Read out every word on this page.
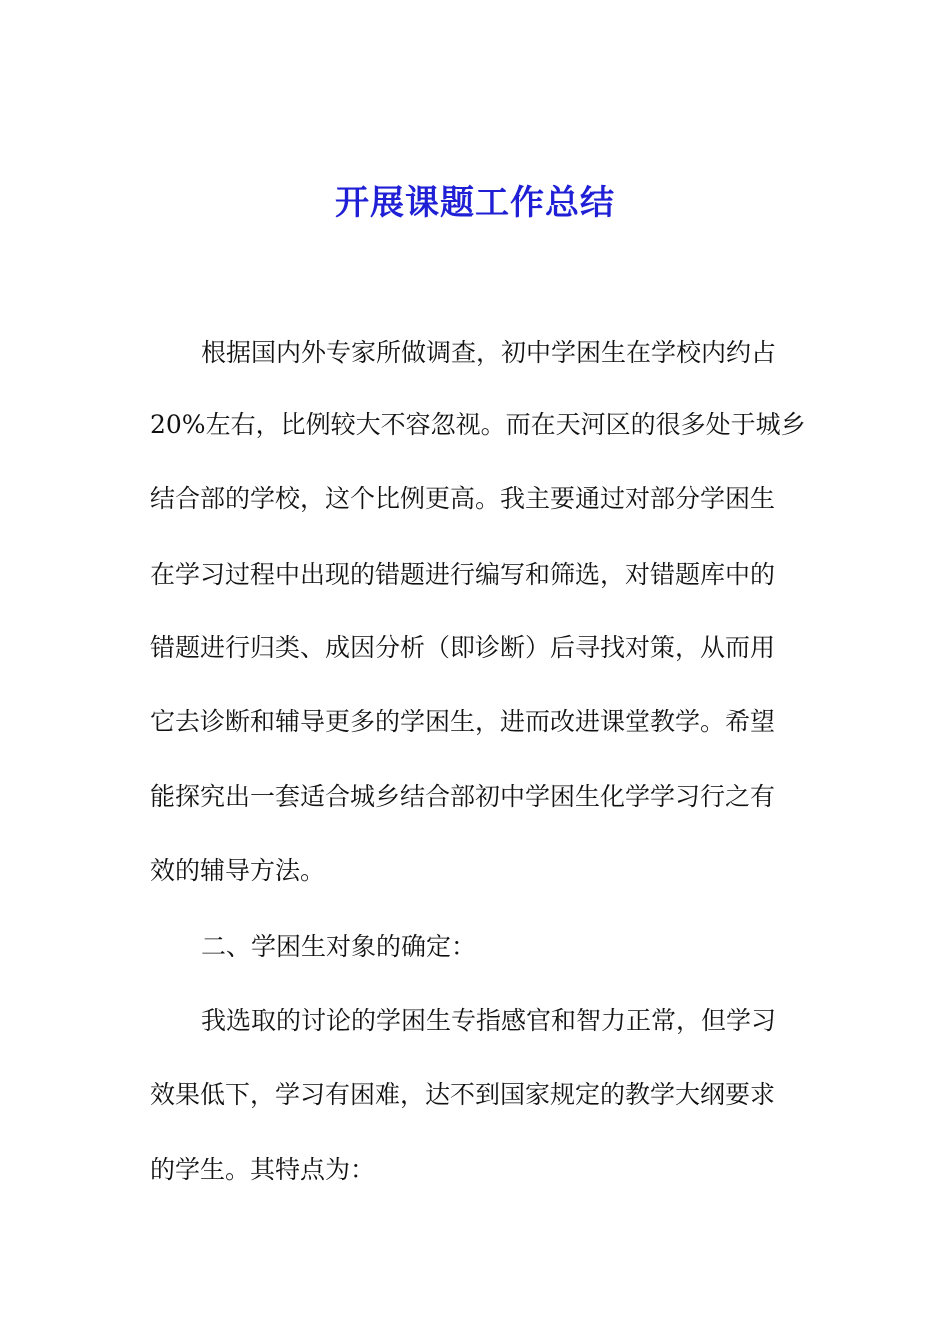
开展课题工作总结
根据国内外专家所做调查，初中学困生在学校内约占
20%左右，比例较大不容忽视。而在天河区的很多处于城乡
结合部的学校，这个比例更高。我主要通过对部分学困生
在学习过程中出现的错题进行编写和筛选，对错题库中的
错题进行归类、成因分析（即诊断）后寻找对策，从而用
它去诊断和辅导更多的学困生，进而改进课堂教学。希望
能探究出一套适合城乡结合部初中学困生化学学习行之有
效的辅导方法。
二、学困生对象的确定：
我选取的讨论的学困生专指感官和智力正常，但学习
效果低下，学习有困难，达不到国家规定的教学大纲要求
的学生。其特点为：
